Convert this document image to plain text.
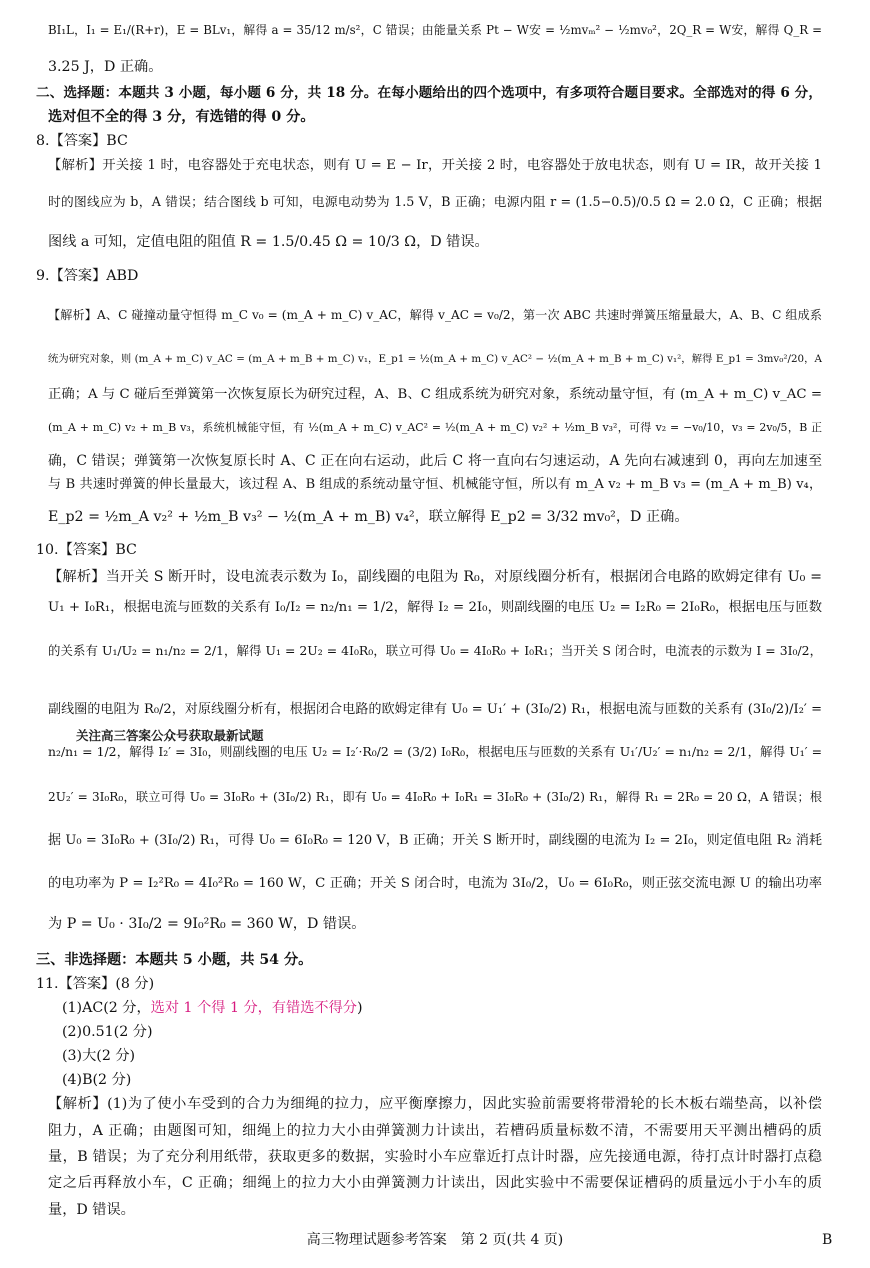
BI₁L，I₁ = E₁/(R+r)，E = BLv₁，解得 a = 35/12 m/s²，C 错误；由能量关系 Pt − W安 = ½mvₘ² − ½mv₀²，2Q_R = W安，解得 Q_R =
3.25 J，D 正确。
二、选择题：本题共 3 小题，每小题 6 分，共 18 分。在每小题给出的四个选项中，有多项符合题目要求。全部选对的得 6 分，
选对但不全的得 3 分，有选错的得 0 分。
8.【答案】BC
【解析】开关接 1 时，电容器处于充电状态，则有 U = E − Ir，开关接 2 时，电容器处于放电状态，则有 U = IR，故开关接 1
时的图线应为 b，A 错误；结合图线 b 可知，电源电动势为 1.5 V，B 正确；电源内阻 r = (1.5−0.5)/0.5 Ω = 2.0 Ω，C 正确；根据
图线 a 可知，定值电阻的阻值 R = 1.5/0.45 Ω = 10/3 Ω，D 错误。
9.【答案】ABD
【解析】A、C 碰撞动量守恒得 m_C v₀ = (m_A + m_C) v_AC，解得 v_AC = v₀/2，第一次 ABC 共速时弹簧压缩量最大，A、B、C 组成系
统为研究对象，则 (m_A + m_C) v_AC = (m_A + m_B + m_C) v₁，E_p1 = ½(m_A + m_C) v_AC² − ½(m_A + m_B + m_C) v₁²，解得 E_p1 = 3mv₀²/20，A
正确；A 与 C 碰后至弹簧第一次恢复原长为研究过程，A、B、C 组成系统为研究对象，系统动量守恒，有 (m_A + m_C) v_AC =
(m_A + m_C) v₂ + m_B v₃，系统机械能守恒，有 ½(m_A + m_C) v_AC² = ½(m_A + m_C) v₂² + ½m_B v₃²，可得 v₂ = −v₀/10，v₃ = 2v₀/5，B 正
确，C 错误；弹簧第一次恢复原长时 A、C 正在向右运动，此后 C 将一直向右匀速运动，A 先向右减速到 0，再向左加速至
与 B 共速时弹簧的伸长量最大，该过程 A、B 组成的系统动量守恒、机械能守恒，所以有 m_A v₂ + m_B v₃ = (m_A + m_B) v₄，
E_p2 = ½m_A v₂² + ½m_B v₃² − ½(m_A + m_B) v₄²，联立解得 E_p2 = 3/32 mv₀²，D 正确。
10.【答案】BC
【解析】当开关 S 断开时，设电流表示数为 I₀，副线圈的电阻为 R₀，对原线圈分析有，根据闭合电路的欧姆定律有 U₀ =
U₁ + I₀R₁，根据电流与匝数的关系有 I₀/I₂ = n₂/n₁ = 1/2，解得 I₂ = 2I₀，则副线圈的电压 U₂ = I₂R₀ = 2I₀R₀，根据电压与匝数
的关系有 U₁/U₂ = n₁/n₂ = 2/1，解得 U₁ = 2U₂ = 4I₀R₀，联立可得 U₀ = 4I₀R₀ + I₀R₁；当开关 S 闭合时，电流表的示数为 I = 3I₀/2，
副线圈的电阻为 R₀/2，对原线圈分析有，根据闭合电路的欧姆定律有 U₀ = U₁′ + (3I₀/2) R₁，根据电流与匝数的关系有 (3I₀/2)/I₂′ =
n₂/n₁ = 1/2，解得 I₂′ = 3I₀，则副线圈的电压 U₂ = I₂′·R₀/2 = (3/2) I₀R₀，根据电压与匝数的关系有 U₁′/U₂′ = n₁/n₂ = 2/1，解得 U₁′ =
2U₂′ = 3I₀R₀，联立可得 U₀ = 3I₀R₀ + (3I₀/2) R₁，即有 U₀ = 4I₀R₀ + I₀R₁ = 3I₀R₀ + (3I₀/2) R₁，解得 R₁ = 2R₀ = 20 Ω，A 错误；根
据 U₀ = 3I₀R₀ + (3I₀/2) R₁，可得 U₀ = 6I₀R₀ = 120 V，B 正确；开关 S 断开时，副线圈的电流为 I₂ = 2I₀，则定值电阻 R₂ 消耗
的电功率为 P = I₂²R₀ = 4I₀²R₀ = 160 W，C 正确；开关 S 闭合时，电流为 3I₀/2，U₀ = 6I₀R₀，则正弦交流电源 U 的输出功率
为 P = U₀ · 3I₀/2 = 9I₀²R₀ = 360 W，D 错误。
三、非选择题：本题共 5 小题，共 54 分。
11.【答案】(8 分)
(2)0.51(2 分)
(3)大(2 分)
(4)B(2 分)
【解析】(1)为了使小车受到的合力为细绳的拉力，应平衡摩擦力，因此实验前需要将带滑轮的长木板右端垫高，以补偿
阻力，A 正确；由题图可知，细绳上的拉力大小由弹簧测力计读出，若槽码质量标数不清，不需要用天平测出槽码的质
量，B 错误；为了充分利用纸带，获取更多的数据，实验时小车应靠近打点计时器，应先接通电源，待打点计时器打点稳
定之后再释放小车，C 正确；细绳上的拉力大小由弹簧测力计读出，因此实验中不需要保证槽码的质量远小于小车的质
量，D 错误。
(1)AC(2 分，选对 1 个得 1 分，有错选不得分)
关注高三答案公众号获取最新试题
高三物理试题参考答案　第 2 页(共 4 页)	B
